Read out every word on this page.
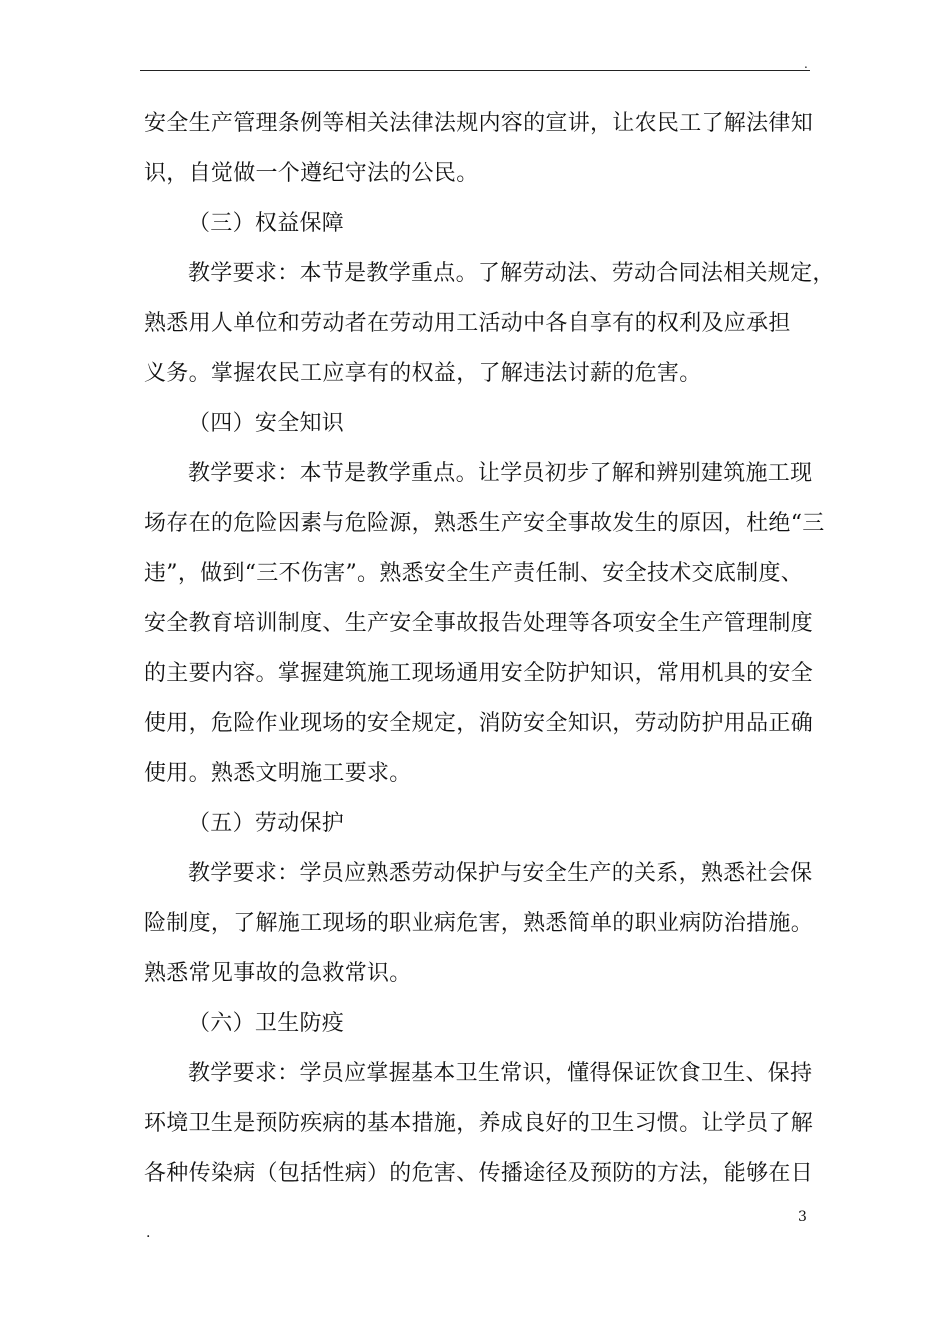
.
安全生产管理条例等相关法律法规内容的宣讲，让农民工了解法律知
识，自觉做一个遵纪守法的公民。
（三）权益保障
教学要求：本节是教学重点。了解劳动法、劳动合同法相关规定，
熟悉用人单位和劳动者在劳动用工活动中各自享有的权利及应承担
义务。掌握农民工应享有的权益，了解违法讨薪的危害。
（四）安全知识
教学要求：本节是教学重点。让学员初步了解和辨别建筑施工现
场存在的危险因素与危险源，熟悉生产安全事故发生的原因，杜绝“三
违”，做到“三不伤害”。熟悉安全生产责任制、安全技术交底制度、
安全教育培训制度、生产安全事故报告处理等各项安全生产管理制度
的主要内容。掌握建筑施工现场通用安全防护知识，常用机具的安全
使用，危险作业现场的安全规定，消防安全知识，劳动防护用品正确
使用。熟悉文明施工要求。
（五）劳动保护
教学要求：学员应熟悉劳动保护与安全生产的关系，熟悉社会保
险制度，了解施工现场的职业病危害，熟悉简单的职业病防治措施。
熟悉常见事故的急救常识。
（六）卫生防疫
教学要求：学员应掌握基本卫生常识，懂得保证饮食卫生、保持
环境卫生是预防疾病的基本措施，养成良好的卫生习惯。让学员了解
各种传染病（包括性病）的危害、传播途径及预防的方法，能够在日
.
3
